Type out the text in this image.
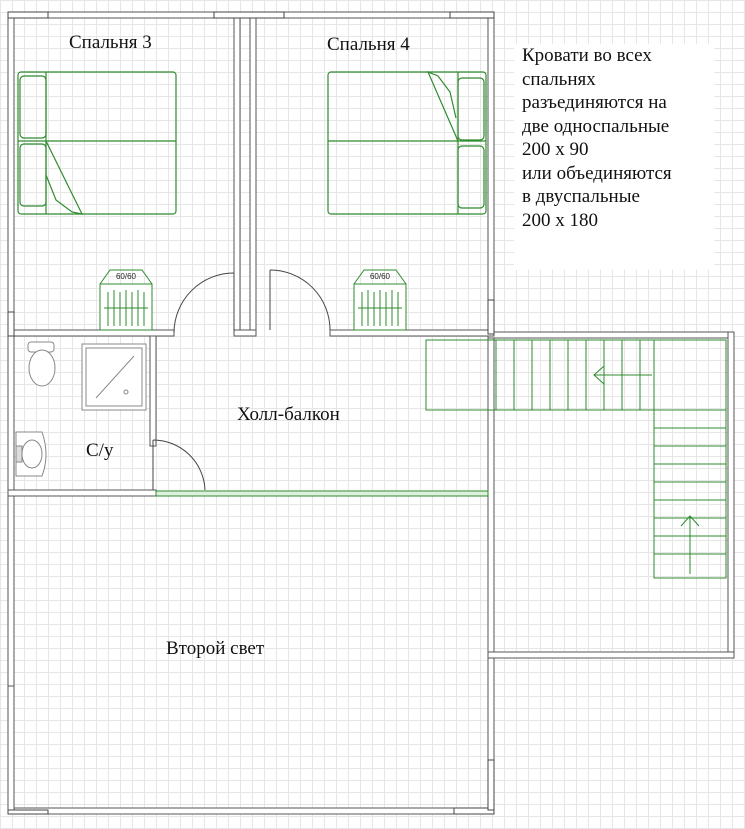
60/60	60/60
Спальня 3	Спальня 4
Холл-балкон
С/у
Второй свет
Кровати во всех
спальнях
разъединяются на
две односпальные
200 х 90
или объединяются
в двуспальные
200 х 180
